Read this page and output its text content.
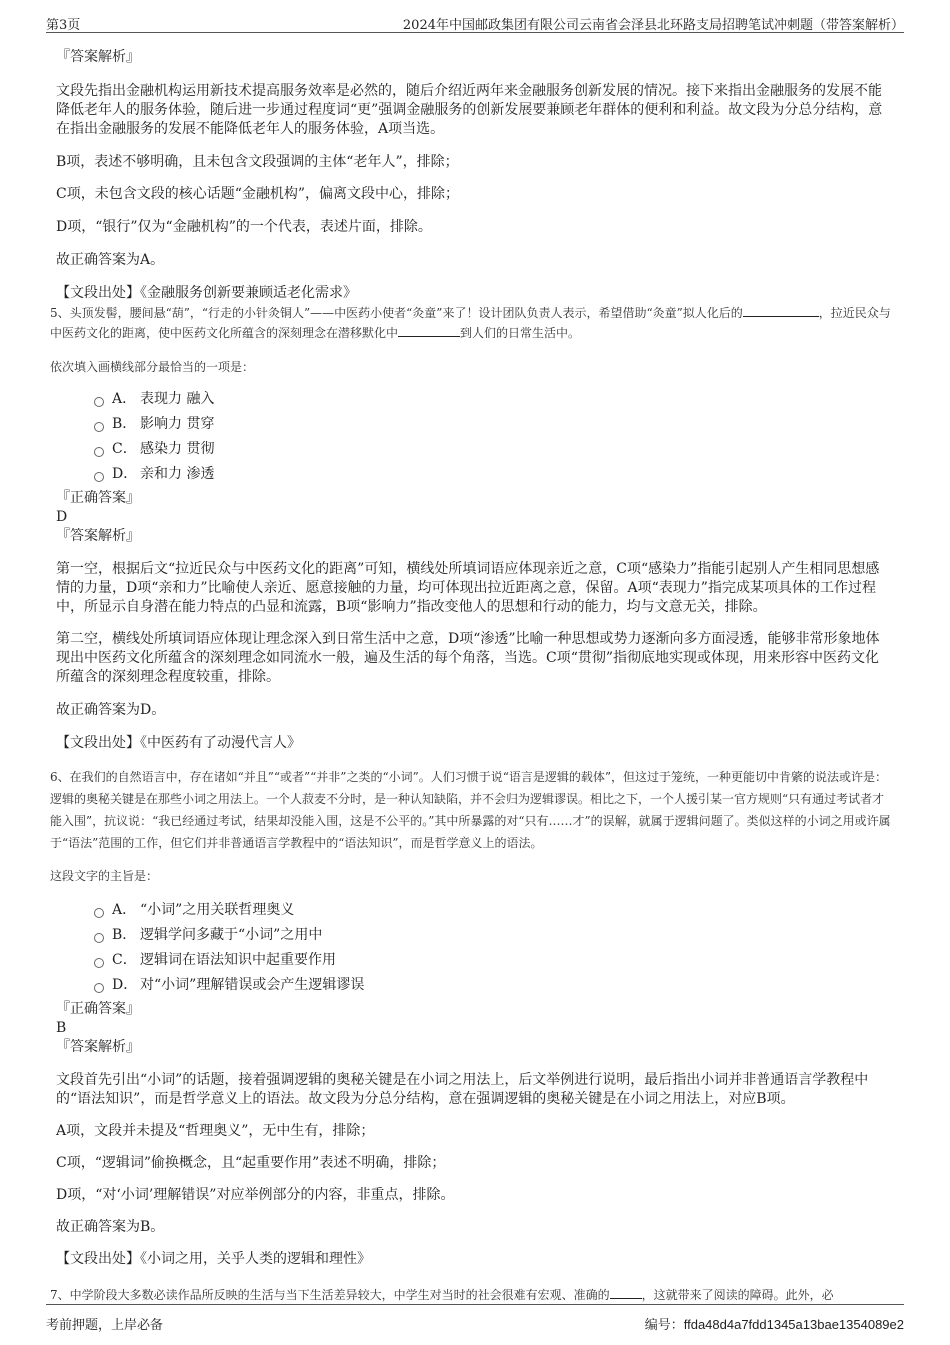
第3页	2024年中国邮政集团有限公司云南省会泽县北环路支局招聘笔试冲刺题（带答案解析）

『答案解析』

文段先指出金融机构运用新技术提高服务效率是必然的，随后介绍近两年来金融服务创新发展的情况。接下来指出金融服务的发展不能降低老年人的服务体验，随后进一步通过程度词“更”强调金融服务的创新发展要兼顾老年群体的便利和利益。故文段为分总分结构，意在指出金融服务的发展不能降低老年人的服务体验，A项当选。

B项，表述不够明确，且未包含文段强调的主体“老年人”，排除；

C项，未包含文段的核心话题“金融机构”，偏离文段中心，排除；

D项，“银行”仅为“金融机构”的一个代表，表述片面，排除。

故正确答案为A。

【文段出处】《金融服务创新要兼顾适老化需求》

5、头顶发髻，腰间悬“葫”，“行走的小针灸铜人”——中医药小使者“灸童”来了！设计团队负责人表示，希望借助“灸童”拟人化后的	，拉近民众与中医药文化的距离，使中医药文化所蕴含的深刻理念在潜移默化中	到人们的日常生活中。

依次填入画横线部分最恰当的一项是：

A． 表现力 融入
B． 影响力 贯穿
C． 感染力 贯彻
D． 亲和力 渗透

『正确答案』

D

『答案解析』

第一空，根据后文“拉近民众与中医药文化的距离”可知，横线处所填词语应体现亲近之意，C项“感染力”指能引起别人产生相同思想感情的力量，D项“亲和力”比喻使人亲近、愿意接触的力量，均可体现出拉近距离之意，保留。A项“表现力”指完成某项具体的工作过程中，所显示自身潜在能力特点的凸显和流露，B项“影响力”指改变他人的思想和行动的能力，均与文意无关，排除。

第二空，横线处所填词语应体现让理念深入到日常生活中之意，D项“渗透”比喻一种思想或势力逐渐向多方面浸透，能够非常形象地体现出中医药文化所蕴含的深刻理念如同流水一般，遍及生活的每个角落，当选。C项“贯彻”指彻底地实现或体现，用来形容中医药文化所蕴含的深刻理念程度较重，排除。

故正确答案为D。

【文段出处】《中医药有了动漫代言人》

6、在我们的自然语言中，存在诸如“并且”“或者”“并非”之类的“小词”。人们习惯于说“语言是逻辑的载体”，但这过于笼统，一种更能切中肯綮的说法或许是：逻辑的奥秘关键是在那些小词之用法上。一个人菽麦不分时，是一种认知缺陷，并不会归为逻辑谬误。相比之下，一个人援引某一官方规则“只有通过考试者才能入围”，抗议说：“我已经通过考试，结果却没能入围，这是不公平的。”其中所暴露的对“只有……才”的误解，就属于逻辑问题了。类似这样的小词之用或许属于“语法”范围的工作，但它们并非普通语言学教程中的“语法知识”，而是哲学意义上的语法。

这段文字的主旨是：

A． “小词”之用关联哲理奥义
B． 逻辑学问多藏于“小词”之用中
C． 逻辑词在语法知识中起重要作用
D． 对“小词”理解错误或会产生逻辑谬误

『正确答案』

B

『答案解析』

文段首先引出“小词”的话题，接着强调逻辑的奥秘关键是在小词之用法上，后文举例进行说明，最后指出小词并非普通语言学教程中的“语法知识”，而是哲学意义上的语法。故文段为分总分结构，意在强调逻辑的奥秘关键是在小词之用法上，对应B项。

A项，文段并未提及“哲理奥义”，无中生有，排除；

C项，“逻辑词”偷换概念，且“起重要作用”表述不明确，排除；

D项，“对‘小词’理解错误”对应举例部分的内容，非重点，排除。

故正确答案为B。

【文段出处】《小词之用，关乎人类的逻辑和理性》

7、中学阶段大多数必读作品所反映的生活与当下生活差异较大，中学生对当时的社会很难有宏观、准确的	，这就带来了阅读的障碍。此外，必

考前押题，上岸必备	编号：ffda48d4a7fdd1345a13bae1354089e2
